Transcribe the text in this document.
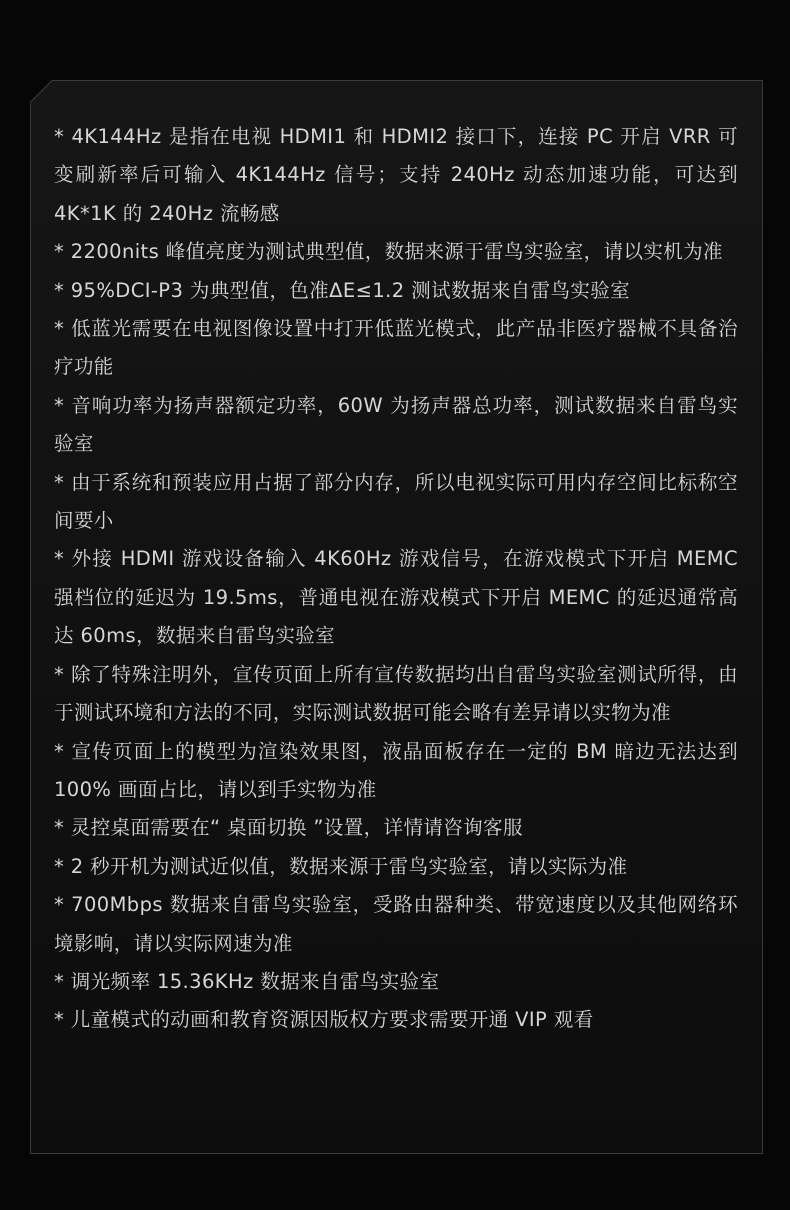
* 4K144Hz 是指在电视 HDMI1 和 HDMI2 接口下，连接 PC 开启 VRR 可变刷新率后可输入 4K144Hz 信号；支持 240Hz 动态加速功能，可达到 4K*1K 的 240Hz 流畅感

* 2200nits 峰值亮度为测试典型值，数据来源于雷鸟实验室，请以实机为准

* 95%DCI-P3 为典型值，色准ΔE≤1.2 测试数据来自雷鸟实验室

* 低蓝光需要在电视图像设置中打开低蓝光模式，此产品非医疗器械不具备治疗功能

* 音响功率为扬声器额定功率，60W 为扬声器总功率，测试数据来自雷鸟实验室

* 由于系统和预装应用占据了部分内存，所以电视实际可用内存空间比标称空间要小

* 外接 HDMI 游戏设备输入 4K60Hz 游戏信号，在游戏模式下开启 MEMC 强档位的延迟为 19.5ms，普通电视在游戏模式下开启 MEMC 的延迟通常高达 60ms，数据来自雷鸟实验室

* 除了特殊注明外，宣传页面上所有宣传数据均出自雷鸟实验室测试所得，由于测试环境和方法的不同，实际测试数据可能会略有差异请以实物为准

* 宣传页面上的模型为渲染效果图，液晶面板存在一定的 BM 暗边无法达到 100% 画面占比，请以到手实物为准

* 灵控桌面需要在“ 桌面切换 ”设置，详情请咨询客服

* 2 秒开机为测试近似值，数据来源于雷鸟实验室，请以实际为准

* 700Mbps 数据来自雷鸟实验室，受路由器种类、带宽速度以及其他网络环境影响，请以实际网速为准

* 调光频率 15.36KHz 数据来自雷鸟实验室

* 儿童模式的动画和教育资源因版权方要求需要开通 VIP 观看
